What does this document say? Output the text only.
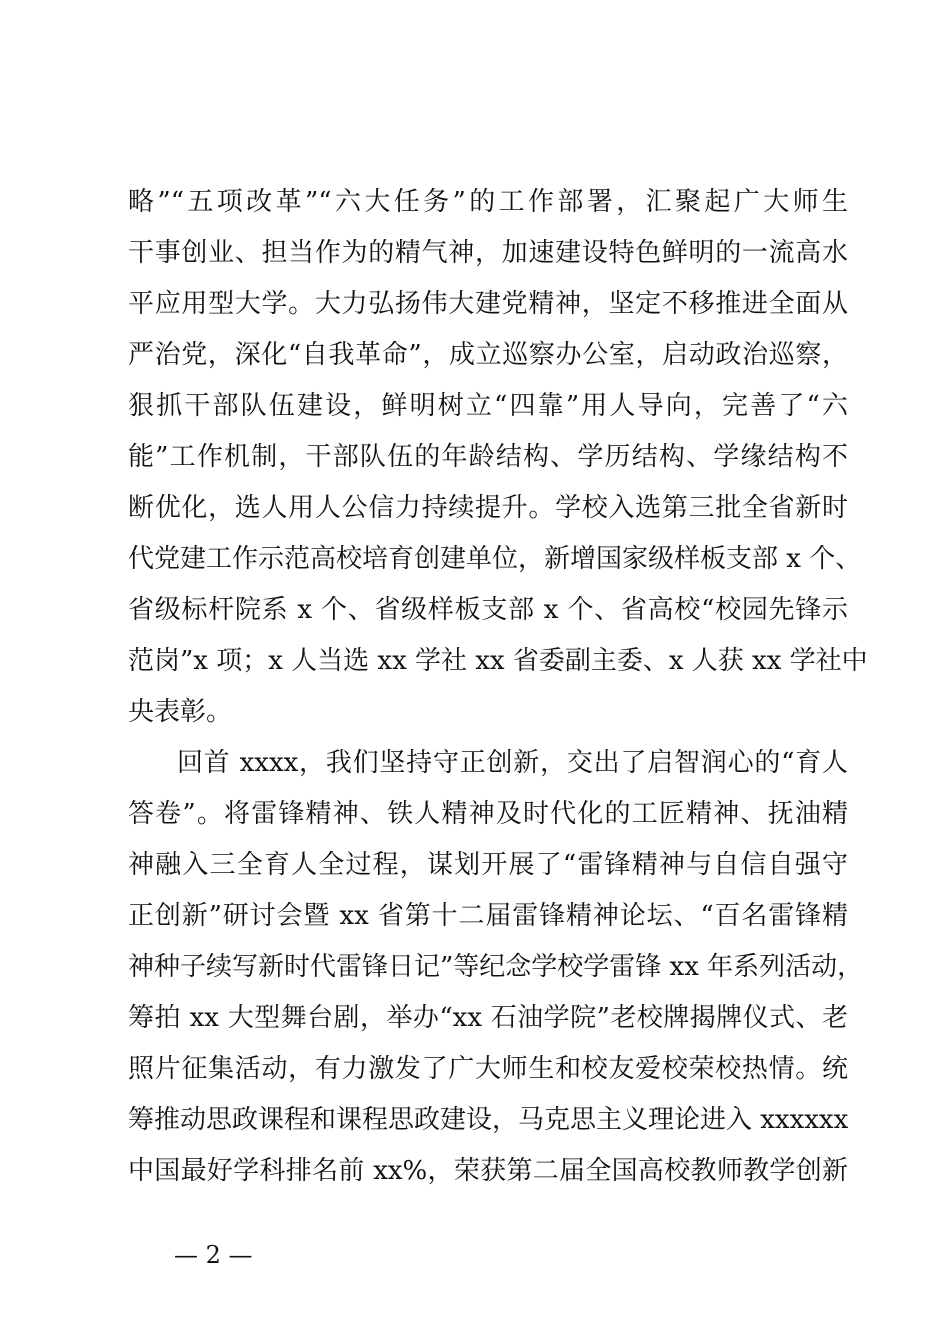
略”“五项改革”“六大任务”的工作部署，汇聚起广大师生
干事创业、担当作为的精气神，加速建设特色鲜明的一流高水
平应用型大学。大力弘扬伟大建党精神，坚定不移推进全面从
严治党，深化“自我革命”，成立巡察办公室，启动政治巡察，
狠抓干部队伍建设，鲜明树立“四靠”用人导向，完善了“六
能”工作机制，干部队伍的年龄结构、学历结构、学缘结构不
断优化，选人用人公信力持续提升。学校入选第三批全省新时
代党建工作示范高校培育创建单位，新增国家级样板支部 x 个、
省级标杆院系 x 个、省级样板支部 x 个、省高校“校园先锋示
范岗”x 项；x 人当选 xx 学社 xx 省委副主委、x 人获 xx 学社中
央表彰。
回首 xxxx，我们坚持守正创新，交出了启智润心的“育人
答卷”。将雷锋精神、铁人精神及时代化的工匠精神、抚油精
神融入三全育人全过程，谋划开展了“雷锋精神与自信自强守
正创新”研讨会暨 xx 省第十二届雷锋精神论坛、“百名雷锋精
神种子续写新时代雷锋日记”等纪念学校学雷锋 xx 年系列活动，
筹拍 xx 大型舞台剧，举办“xx 石油学院”老校牌揭牌仪式、老
照片征集活动，有力激发了广大师生和校友爱校荣校热情。统
筹推动思政课程和课程思政建设，马克思主义理论进入 xxxxxx
中国最好学科排名前 xx%，荣获第二届全国高校教师教学创新
— 2 —
